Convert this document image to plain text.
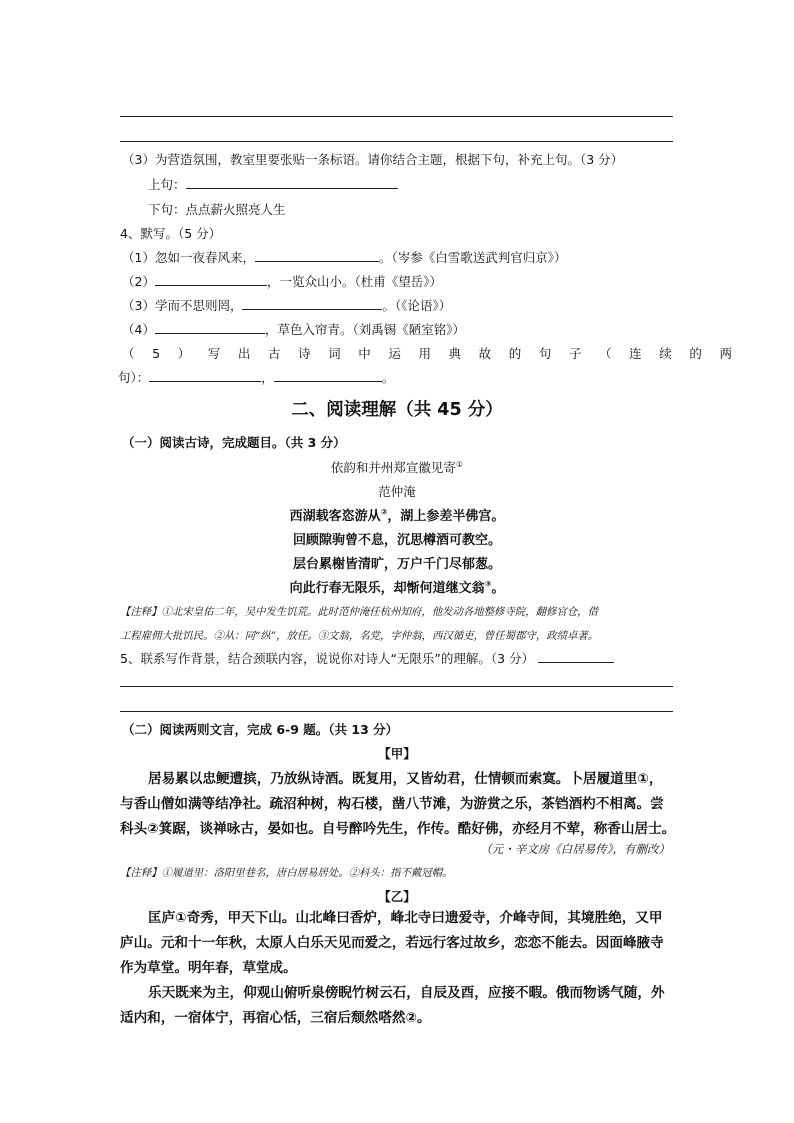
（3）为营造氛围，教室里要张贴一条标语。请你结合主题，根据下句，补充上句。（3 分）
上句：
下句：点点薪火照亮人生
4、默写。（5 分）
（1）忽如一夜春风来，	。（岑参《白雪歌送武判官归京》）
（2）	，一览众山小。（杜甫《望岳》）
（3）学而不思则罔，	。（《论语》）
（4）	，草色入帘青。（刘禹锡《陋室铭》）
（5）写出古诗词中运用典故的句子（连续的两
句）：	，	。
二、阅读理解（共 45 分）
（一）阅读古诗，完成题目。（共 3 分）
依韵和并州郑宣徽见寄①
范仲淹
西湖载客恣游从②，湖上参差半佛宫。
回顾隙驹曾不息，沉思樽酒可教空。
层台累榭皆清旷，万户千门尽郁葱。
向此行春无限乐，却惭何道继文翁③。
【注释】①北宋皇佑二年，吴中发生饥荒。此时范仲淹任杭州知府，他发动各地整修寺院，翻修官仓，借
工程雇佣大批饥民。②从：同“纵”，放任。③文翁，名党，字仲翁，西汉循吏，曾任蜀郡守，政绩卓著。
5、联系写作背景，结合颈联内容，说说你对诗人“无限乐”的理解。（3 分）
（二）阅读两则文言，完成 6-9 题。（共 13 分）
【甲】
居易累以忠鲠遭摈，乃放纵诗酒。既复用，又皆幼君，仕情顿而索寞。卜居履道里①，
与香山僧如满等结净社。疏沼种树，构石楼，凿八节滩，为游赏之乐，茶铛酒杓不相离。尝
科头②箕踞，谈禅咏古，晏如也。自号醉吟先生，作传。酷好佛，亦经月不荤，称香山居士。
（元・辛文房《白居易传》，有删改）
【注释】①履道里：洛阳里巷名，唐白居易居处。②科头：指不戴冠帽。
【乙】
匡庐①奇秀，甲天下山。山北峰曰香炉，峰北寺曰遗爱寺，介峰寺间，其境胜绝，又甲
庐山。元和十一年秋，太原人白乐天见而爱之，若远行客过故乡，恋恋不能去。因面峰腋寺
作为草堂。明年春，草堂成。
乐天既来为主，仰观山俯听泉傍睨竹树云石，自辰及酉，应接不暇。俄而物诱气随，外
适内和，一宿体宁，再宿心恬，三宿后颓然嗒然②。
